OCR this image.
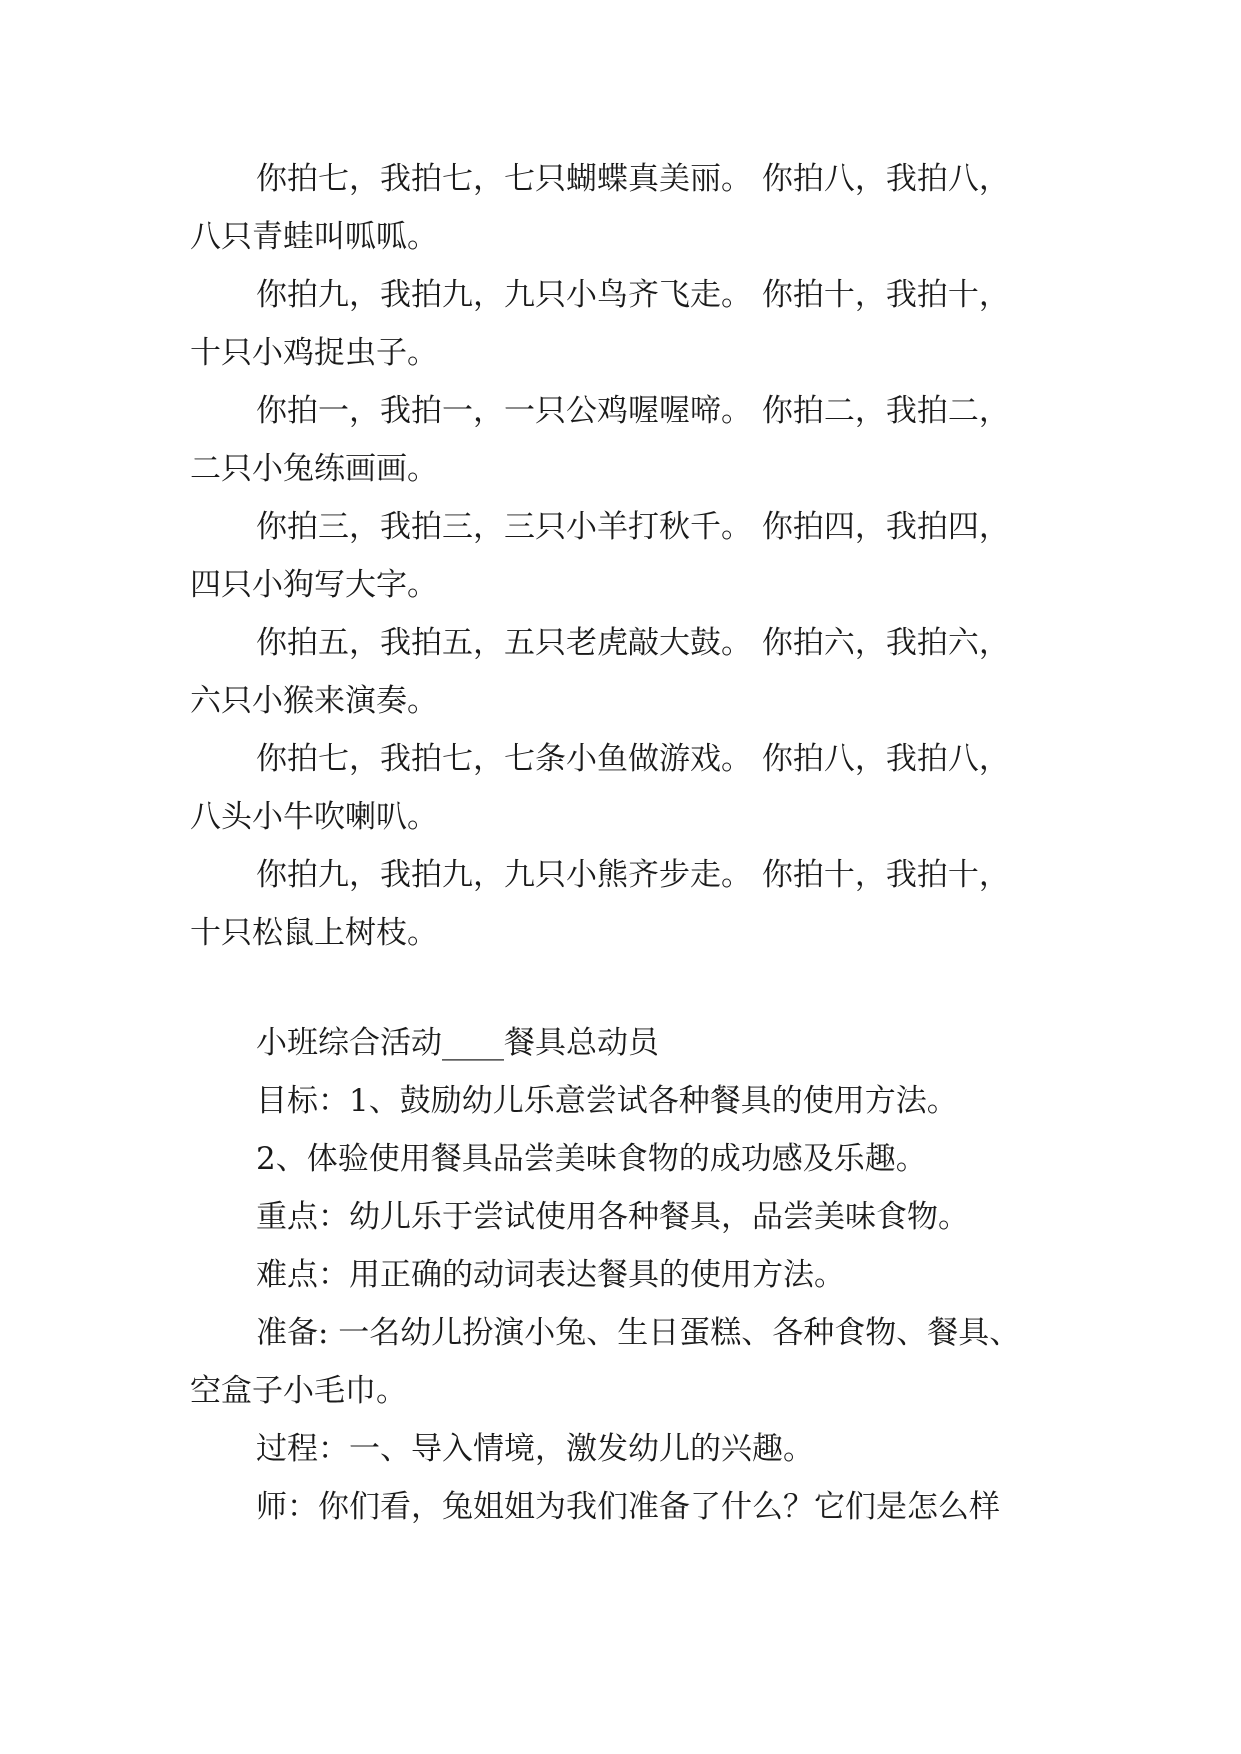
你拍七，我拍七，七只蝴蝶真美丽。 你拍八，我拍八，

八只青蛙叫呱呱。

你拍九，我拍九，九只小鸟齐飞走。 你拍十，我拍十，

十只小鸡捉虫子。

你拍一，我拍一，一只公鸡喔喔啼。 你拍二，我拍二，

二只小兔练画画。

你拍三，我拍三，三只小羊打秋千。 你拍四，我拍四，

四只小狗写大字。

你拍五，我拍五，五只老虎敲大鼓。 你拍六，我拍六，

六只小猴来演奏。

你拍七，我拍七，七条小鱼做游戏。 你拍八，我拍八，

八头小牛吹喇叭。

你拍九，我拍九，九只小熊齐步走。 你拍十，我拍十，

十只松鼠上树枝。

小班综合活动____餐具总动员

目标：1、鼓励幼儿乐意尝试各种餐具的使用方法。

2、体验使用餐具品尝美味食物的成功感及乐趣。

重点：幼儿乐于尝试使用各种餐具，品尝美味食物。

难点：用正确的动词表达餐具的使用方法。

准备: 一名幼儿扮演小兔、生日蛋糕、各种食物、餐具、

空盒子小毛巾。

过程：一、导入情境，激发幼儿的兴趣。

师：你们看，兔姐姐为我们准备了什么？它们是怎么样
